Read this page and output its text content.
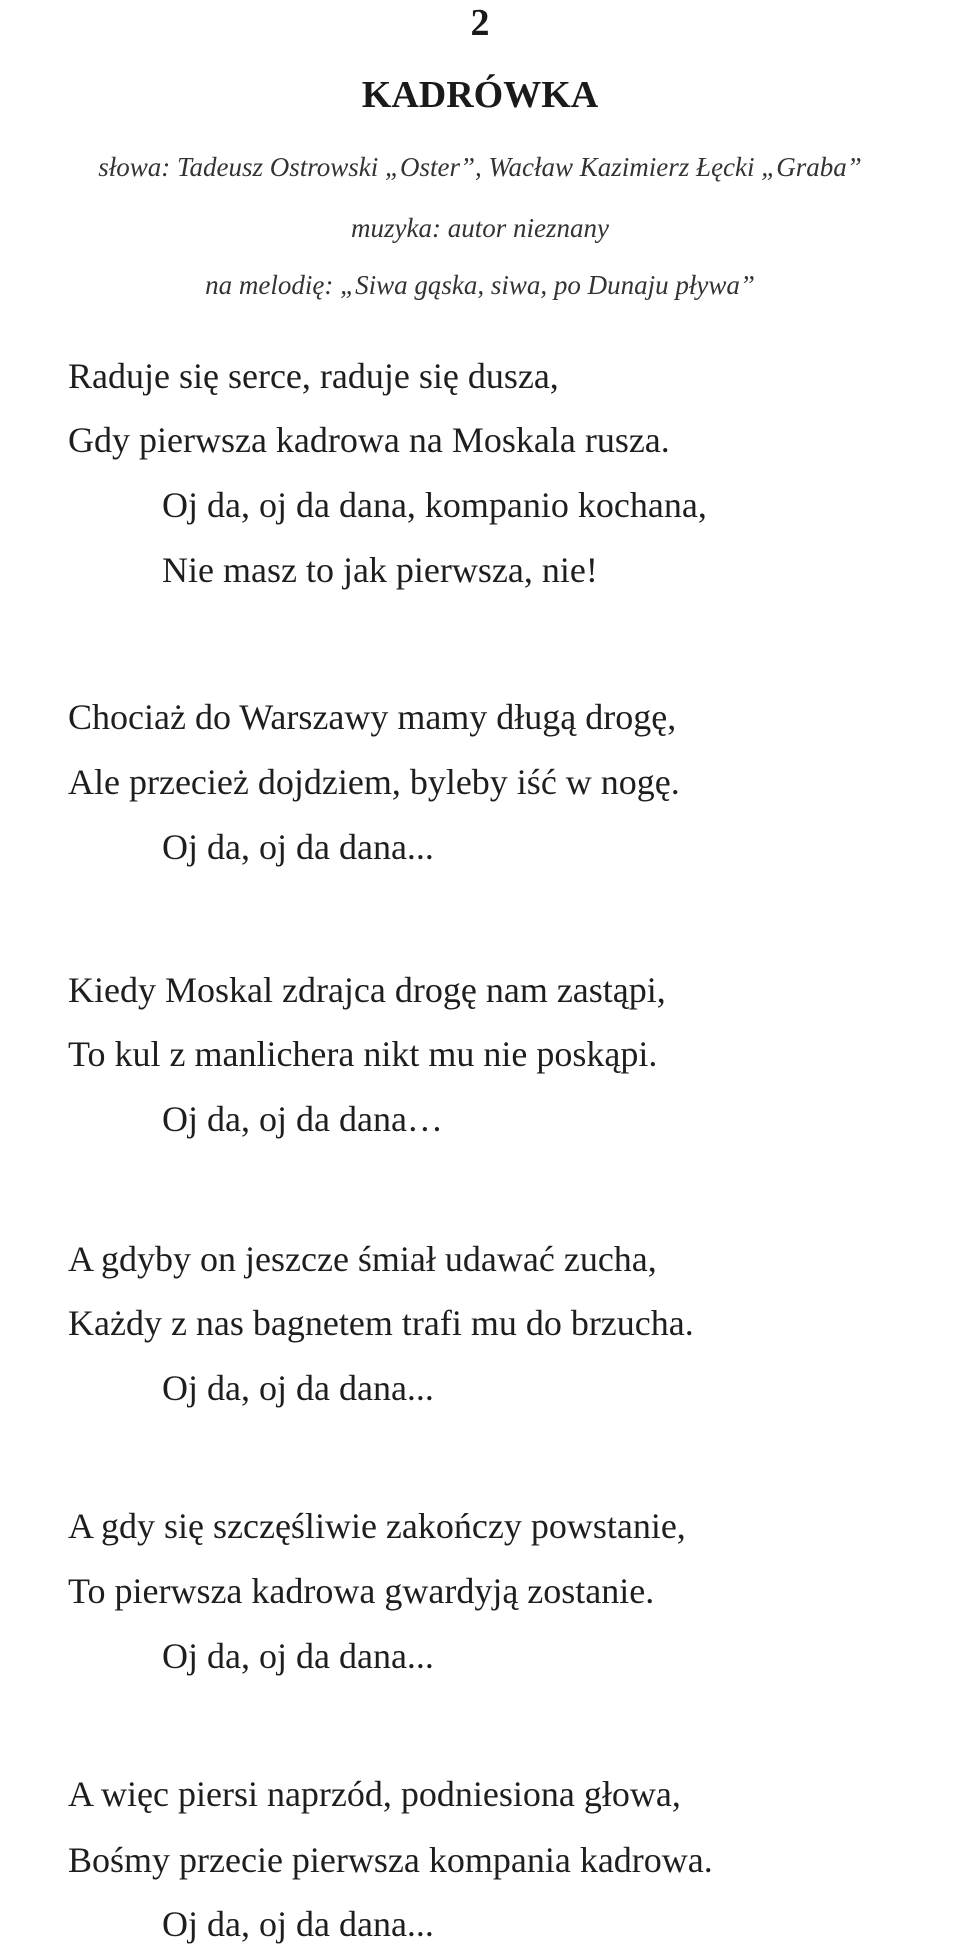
2
KADRÓWKA
słowa: Tadeusz Ostrowski „Oster”, Wacław Kazimierz Łęcki „Graba”
muzyka: autor nieznany
na melodię: „Siwa gąska, siwa, po Dunaju pływa”
Raduje się serce, raduje się dusza,
Gdy pierwsza kadrowa na Moskala rusza.
Oj da, oj da dana, kompanio kochana,
Nie masz to jak pierwsza, nie!
Chociaż do Warszawy mamy długą drogę,
Ale przecież dojdziem, byleby iść w nogę.
Oj da, oj da dana...
Kiedy Moskal zdrajca drogę nam zastąpi,
To kul z manlichera nikt mu nie poskąpi.
Oj da, oj da dana…
A gdyby on jeszcze śmiał udawać zucha,
Każdy z nas bagnetem trafi mu do brzucha.
Oj da, oj da dana...
A gdy się szczęśliwie zakończy powstanie,
To pierwsza kadrowa gwardyją zostanie.
Oj da, oj da dana...
A więc piersi naprzód, podniesiona głowa,
Bośmy przecie pierwsza kompania kadrowa.
Oj da, oj da dana...
